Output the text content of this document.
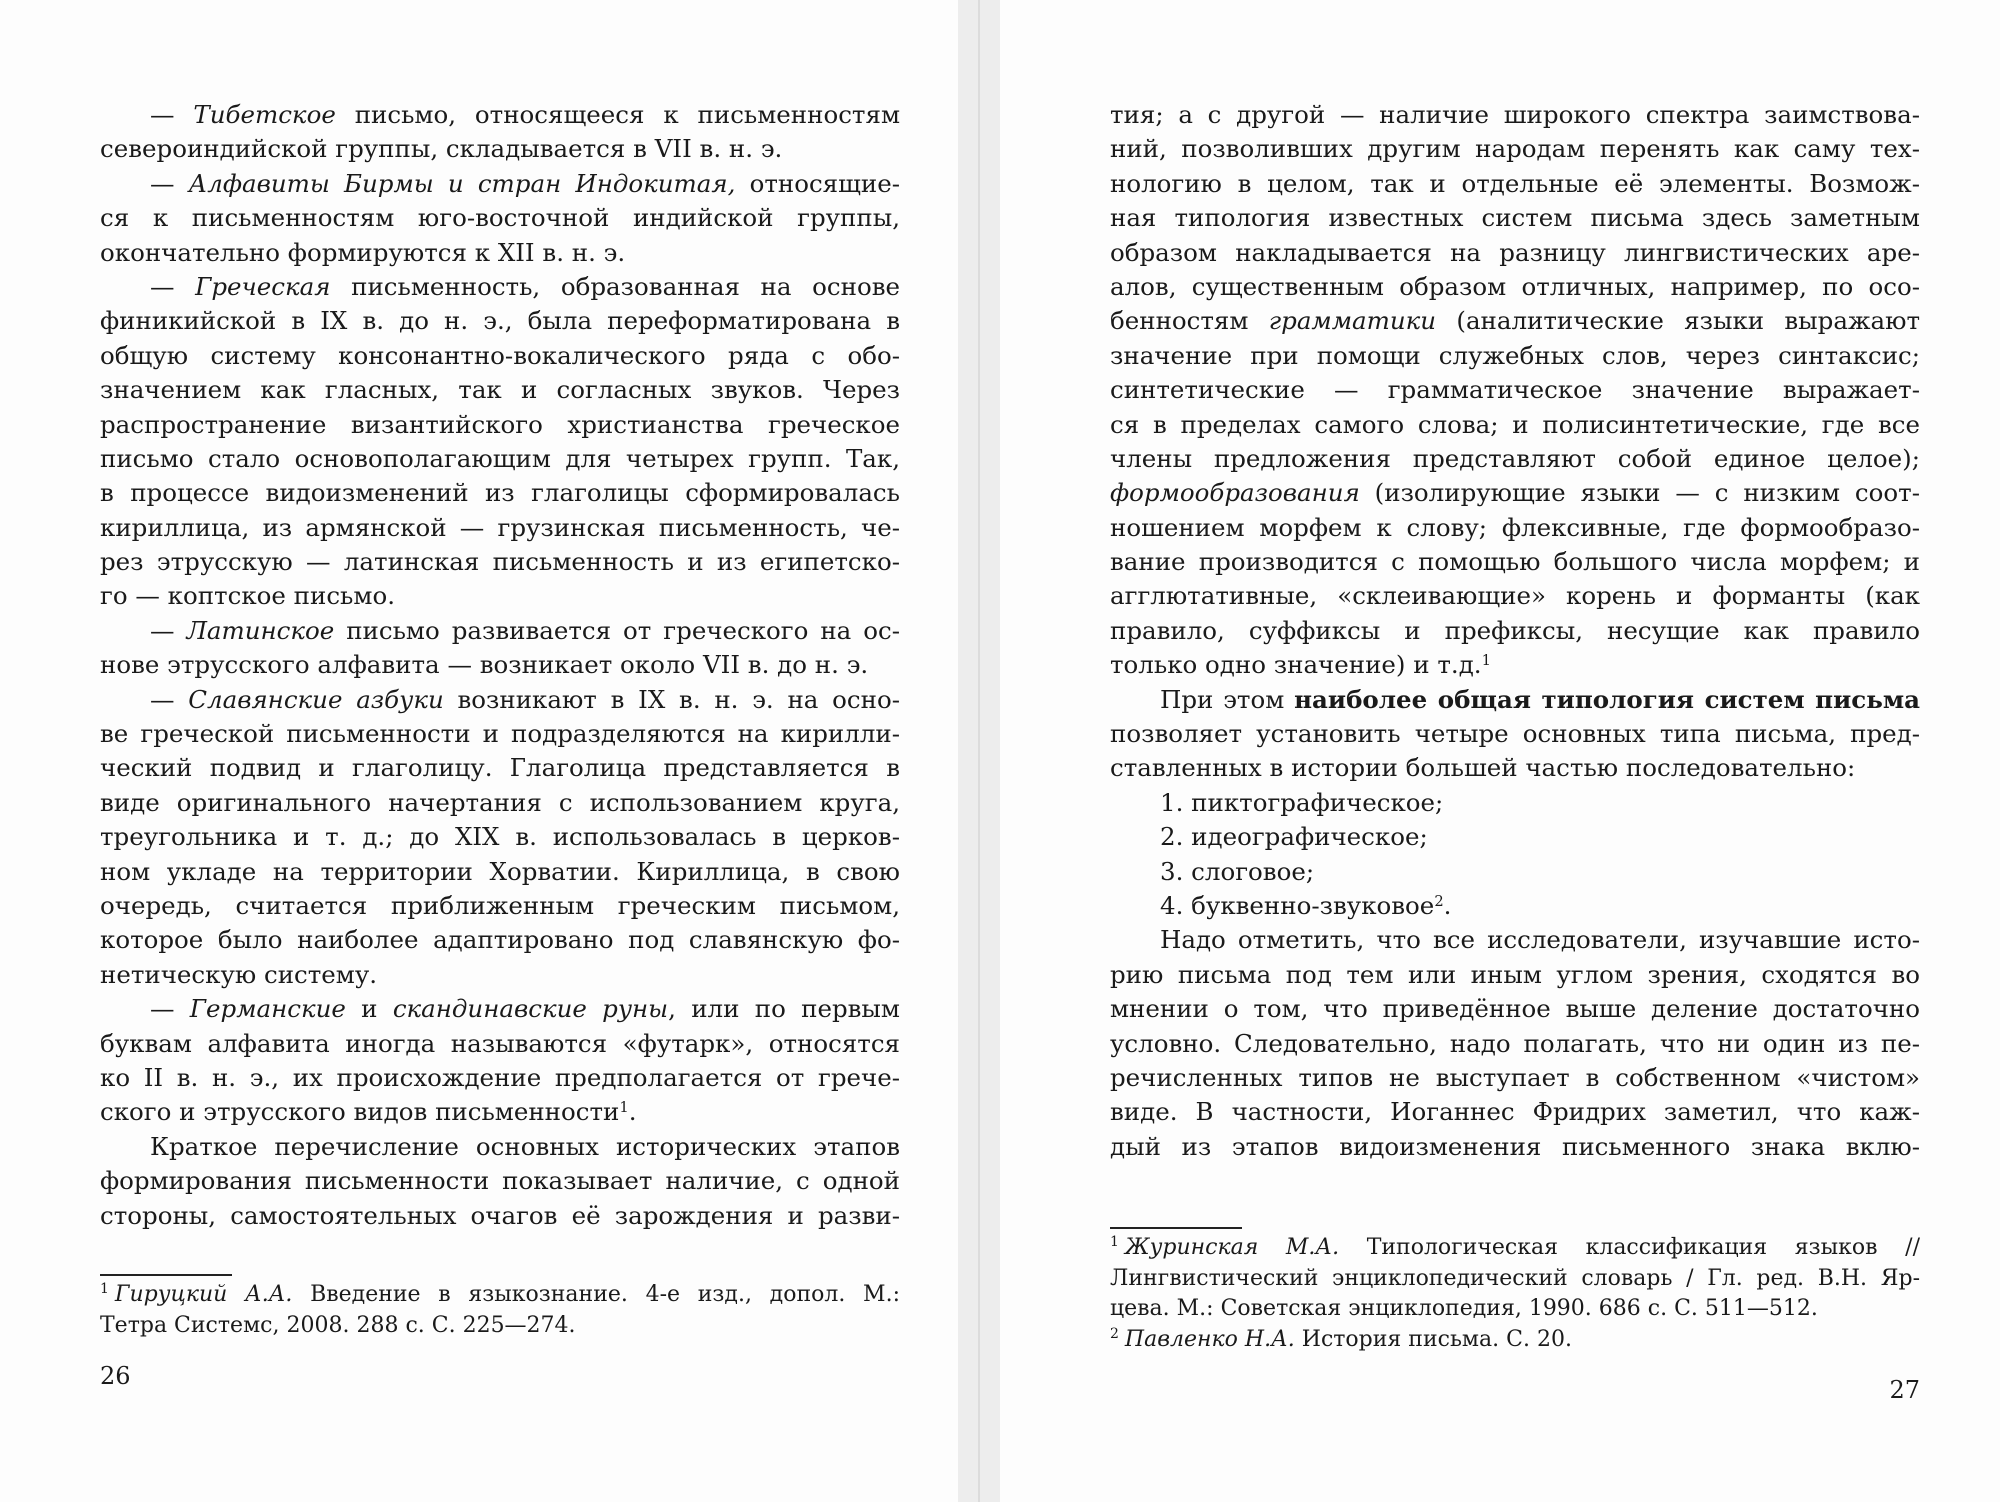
— Тибетское письмо, относящееся к письменностям
североиндийской группы, складывается в VII в. н. э.
— Алфавиты Бирмы и стран Индокитая, относящие-
ся к письменностям юго-восточной индийской группы,
окончательно формируются к XII в. н. э.
— Греческая письменность, образованная на основе
финикийской в IX в. до н. э., была переформатирована в
общую систему консонантно-вокалического ряда с обо-
значением как гласных, так и согласных звуков. Через
распространение византийского христианства греческое
письмо стало основополагающим для четырех групп. Так,
в процессе видоизменений из глаголицы сформировалась
кириллица, из армянской — грузинская письменность, че-
рез этрусскую — латинская письменность и из египетско-
го — коптское письмо.
— Латинское письмо развивается от греческого на ос-
нове этрусского алфавита — возникает около VII в. до н. э.
— Славянские азбуки возникают в IX в. н. э. на осно-
ве греческой письменности и подразделяются на кирилли-
ческий подвид и глаголицу. Глаголица представляется в
виде оригинального начертания с использованием круга,
треугольника и т. д.; до XIX в. использовалась в церков-
ном укладе на территории Хорватии. Кириллица, в свою
очередь, считается приближенным греческим письмом,
которое было наиболее адаптировано под славянскую фо-
нетическую систему.
— Германские и скандинавские руны, или по первым
буквам алфавита иногда называются «футарк», относятся
ко II в. н. э., их происхождение предполагается от грече-
ского и этрусского видов письменности$^1$.
Краткое перечисление основных исторических этапов
формирования письменности показывает наличие, с одной
стороны, самостоятельных очагов её зарождения и разви-
$^1$ Гируцкий А.А. Введение в языкознание. 4-е изд., допол. М.:
Тетра Системс, 2008. 288 с. С. 225—274.
26
тия; а с другой — наличие широкого спектра заимствова-
ний, позволивших другим народам перенять как саму тех-
нологию в целом, так и отдельные её элементы. Возмож-
ная типология известных систем письма здесь заметным
образом накладывается на разницу лингвистических аре-
алов, существенным образом отличных, например, по осо-
бенностям грамматики (аналитические языки выражают
значение при помощи служебных слов, через синтаксис;
синтетические — грамматическое значение выражает-
ся в пределах самого слова; и полисинтетические, где все
члены предложения представляют собой единое целое);
формообразования (изолирующие языки — с низким соот-
ношением морфем к слову; флексивные, где формообразо-
вание производится с помощью большого числа морфем; и
агглютативные, «склеивающие» корень и форманты (как
правило, суффиксы и префиксы, несущие как правило
только одно значение) и т.д.$^1$
При этом наиболее общая типология систем письма
позволяет установить четыре основных типа письма, пред-
ставленных в истории большей частью последовательно:
1. пиктографическое;
2. идеографическое;
3. слоговое;
4. буквенно-звуковое$^2$.
Надо отметить, что все исследователи, изучавшие исто-
рию письма под тем или иным углом зрения, сходятся во
мнении о том, что приведённое выше деление достаточно
условно. Следовательно, надо полагать, что ни один из пе-
речисленных типов не выступает в собственном «чистом»
виде. В частности, Иоганнес Фридрих заметил, что каж-
дый из этапов видоизменения письменного знака вклю-
$^1$ Журинская М.А. Типологическая классификация языков //
Лингвистический энциклопедический словарь / Гл. ред. В.Н. Яр-
цева. М.: Советская энциклопедия, 1990. 686 с. С. 511—512.
$^2$ Павленко Н.А. История письма. С. 20.
27
